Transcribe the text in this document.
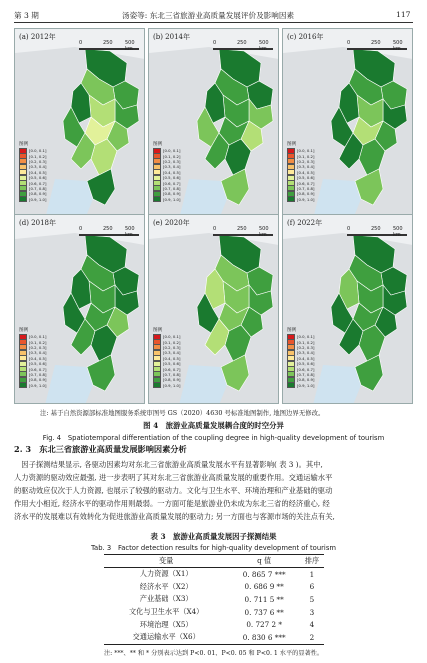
第 3 期	汤姿等: 东北三省旅游业高质量发展评价及影响因素	117
(a) 2012年
0	250 500 km
图例
[0.0, 0.1]
[0.1, 0.2]
[0.2, 0.3]
[0.3, 0.4]
[0.4, 0.5]
[0.5, 0.6]
[0.6, 0.7]
[0.7, 0.8]
[0.8, 0.9]
[0.9, 1.0]
(b) 2014年
0	250 500 km
图例
[0.0, 0.1]
[0.1, 0.2]
[0.2, 0.3]
[0.3, 0.4]
[0.4, 0.5]
[0.5, 0.6]
[0.6, 0.7]
[0.7, 0.8]
[0.8, 0.9]
[0.9, 1.0]
(c) 2016年
0	250 500 km
图例
[0.0, 0.1]
[0.1, 0.2]
[0.2, 0.3]
[0.3, 0.4]
[0.4, 0.5]
[0.5, 0.6]
[0.6, 0.7]
[0.7, 0.8]
[0.8, 0.9]
[0.9, 1.0]
(d) 2018年
0	250 500 km
图例
[0.0, 0.1]
[0.1, 0.2]
[0.2, 0.3]
[0.3, 0.4]
[0.4, 0.5]
[0.5, 0.6]
[0.6, 0.7]
[0.7, 0.8]
[0.8, 0.9]
[0.9, 1.0]
(e) 2020年
0	250 500 km
图例
[0.0, 0.1]
[0.1, 0.2]
[0.2, 0.3]
[0.3, 0.4]
[0.4, 0.5]
[0.5, 0.6]
[0.6, 0.7]
[0.7, 0.8]
[0.8, 0.9]
[0.9, 1.0]
(f) 2022年
0	250 500 km
图例
[0.0, 0.1]
[0.1, 0.2]
[0.2, 0.3]
[0.3, 0.4]
[0.4, 0.5]
[0.5, 0.6]
[0.6, 0.7]
[0.7, 0.8]
[0.8, 0.9]
[0.9, 1.0]
注: 基于自然资源部标准地图服务系统审图号 GS（2020）4630 号标准地图制作, 地图边界无修改。
图 4　旅游业高质量发展耦合度的时空分异
Fig. 4　Spatiotemporal differentiation of the coupling degree in high-quality development of tourism
2. 3　东北三省旅游业高质量发展影响因素分析

　因子探测结果显示, 各驱动因素均对东北三省旅游业高质量发展水平有显著影响( 表 3 )。其中,

人力资源的驱动效应最强, 进一步表明了其对东北三省旅游业高质量发展的重要作用。交通运输水平

的驱动效应仅次于人力资源, 也展示了较强的驱动力。文化与卫生水平、环境治理和产业基础的驱动

作用大小相近, 经济水平的驱动作用则最弱。一方面可能是旅游业仍未成为东北三省的经济重心, 经

济水平的发展难以有效转化为促进旅游业高质量发展的驱动力; 另一方面也与客源市场的关注点有关,

表 3　旅游业高质量发展因子探测结果
Tab. 3　Factor detection results for high-quality development of tourism
变量	q 值	排序
人力资源（X1）	0. 865 7 ***	1
经济水平（X2）	0. 686 9 **	6
产业基础（X3）	0. 711 5 **	5
文化与卫生水平（X4）	0. 737 6 **	3
环境治理（X5）	0. 727 2 *	4
交通运输水平（X6）	0. 830 6 ***	2
注: ***、** 和 * 分别表示达到 P<0. 01、P<0. 05 和 P<0. 1 水平的显著性。
